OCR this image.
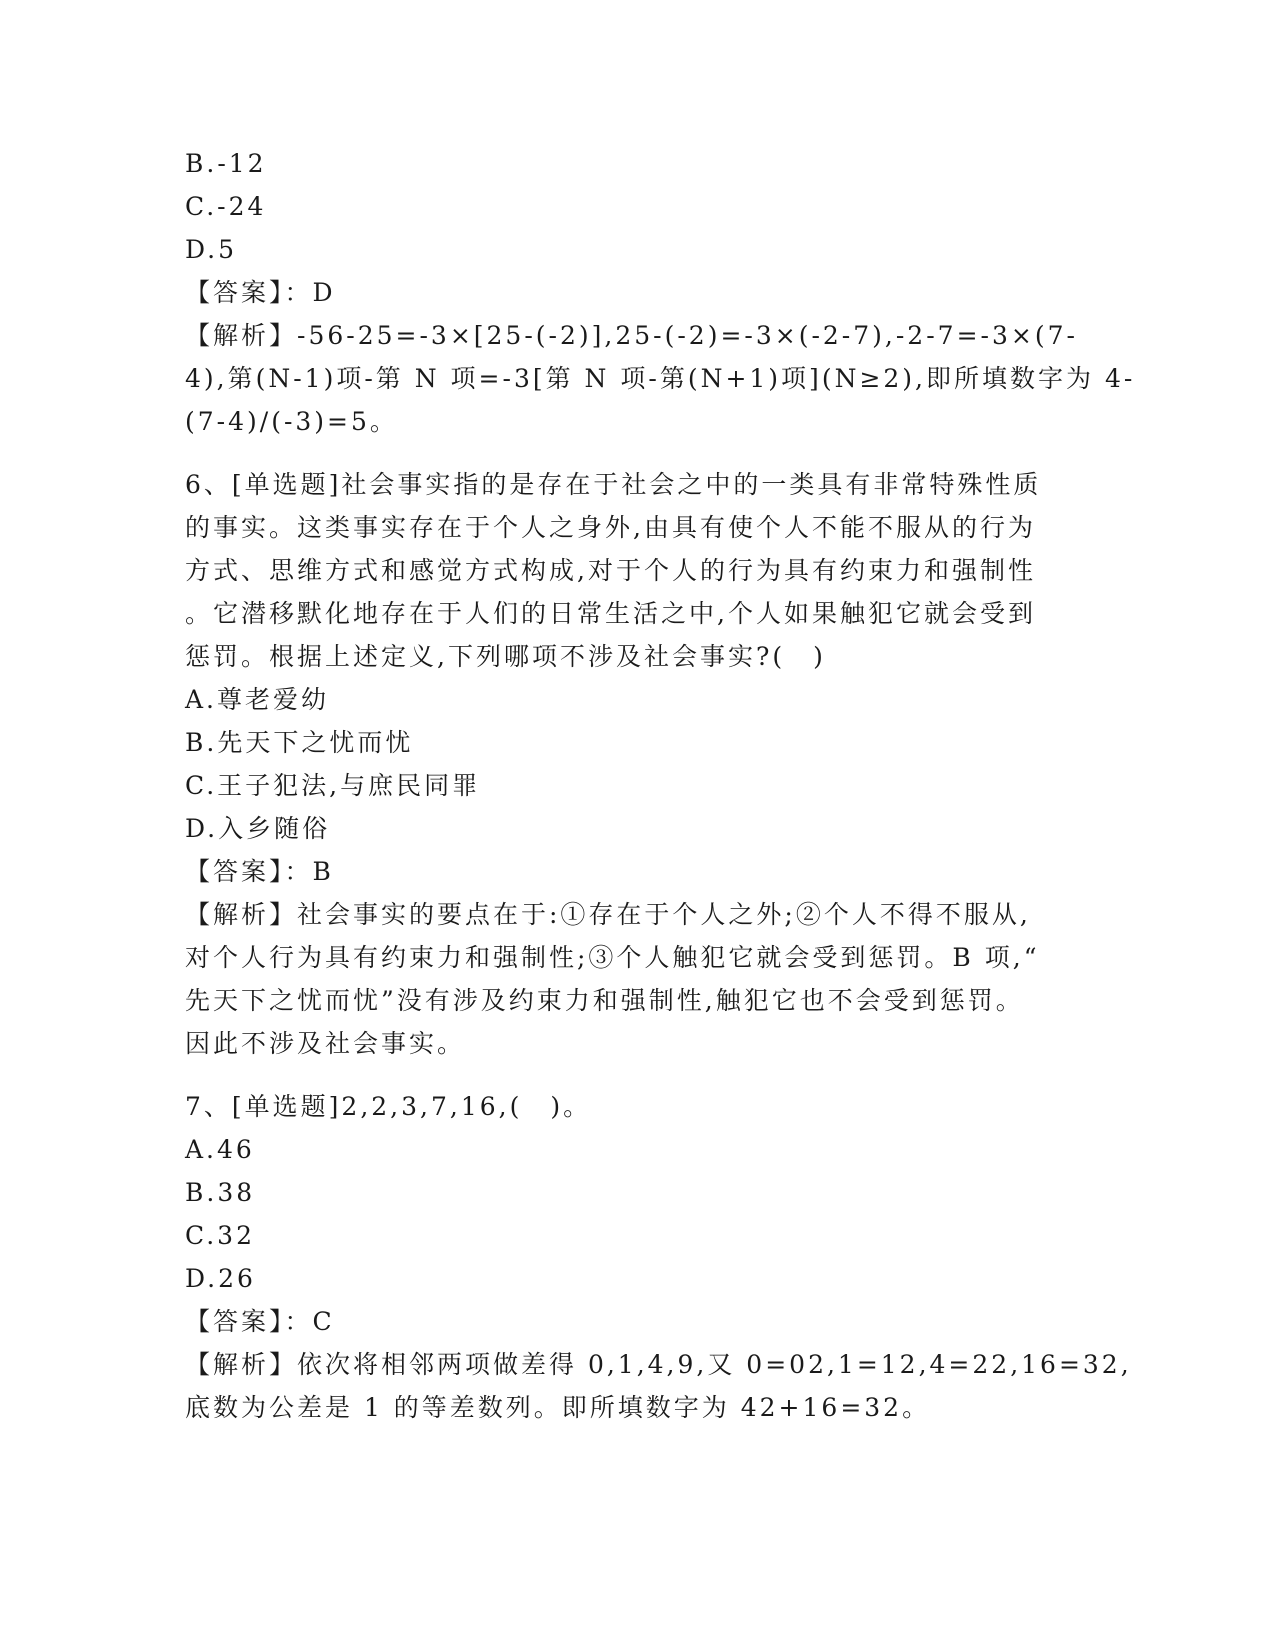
B.-12
C.-24
D.5
【答案】：D
【解析】-56-25=-3×[25-(-2)],25-(-2)=-3×(-2-7),-2-7=-3×(7-
4),第(N-1)项-第 N 项=-3[第 N 项-第(N+1)项](N≥2),即所填数字为 4-
(7-4)/(-3)=5。
6、[单选题]社会事实指的是存在于社会之中的一类具有非常特殊性质
的事实。这类事实存在于个人之身外,由具有使个人不能不服从的行为
方式、思维方式和感觉方式构成,对于个人的行为具有约束力和强制性
。它潜移默化地存在于人们的日常生活之中,个人如果触犯它就会受到
惩罚。根据上述定义,下列哪项不涉及社会事实?(　)
A.尊老爱幼
B.先天下之忧而忧
C.王子犯法,与庶民同罪
D.入乡随俗
【答案】：B
【解析】社会事实的要点在于:①存在于个人之外;②个人不得不服从,
对个人行为具有约束力和强制性;③个人触犯它就会受到惩罚。B 项,“
先天下之忧而忧”没有涉及约束力和强制性,触犯它也不会受到惩罚。
因此不涉及社会事实。
7、[单选题]2,2,3,7,16,(　)。
A.46
B.38
C.32
D.26
【答案】：C
【解析】依次将相邻两项做差得 0,1,4,9,又 0=02,1=12,4=22,16=32,
底数为公差是 1 的等差数列。即所填数字为 42+16=32。
